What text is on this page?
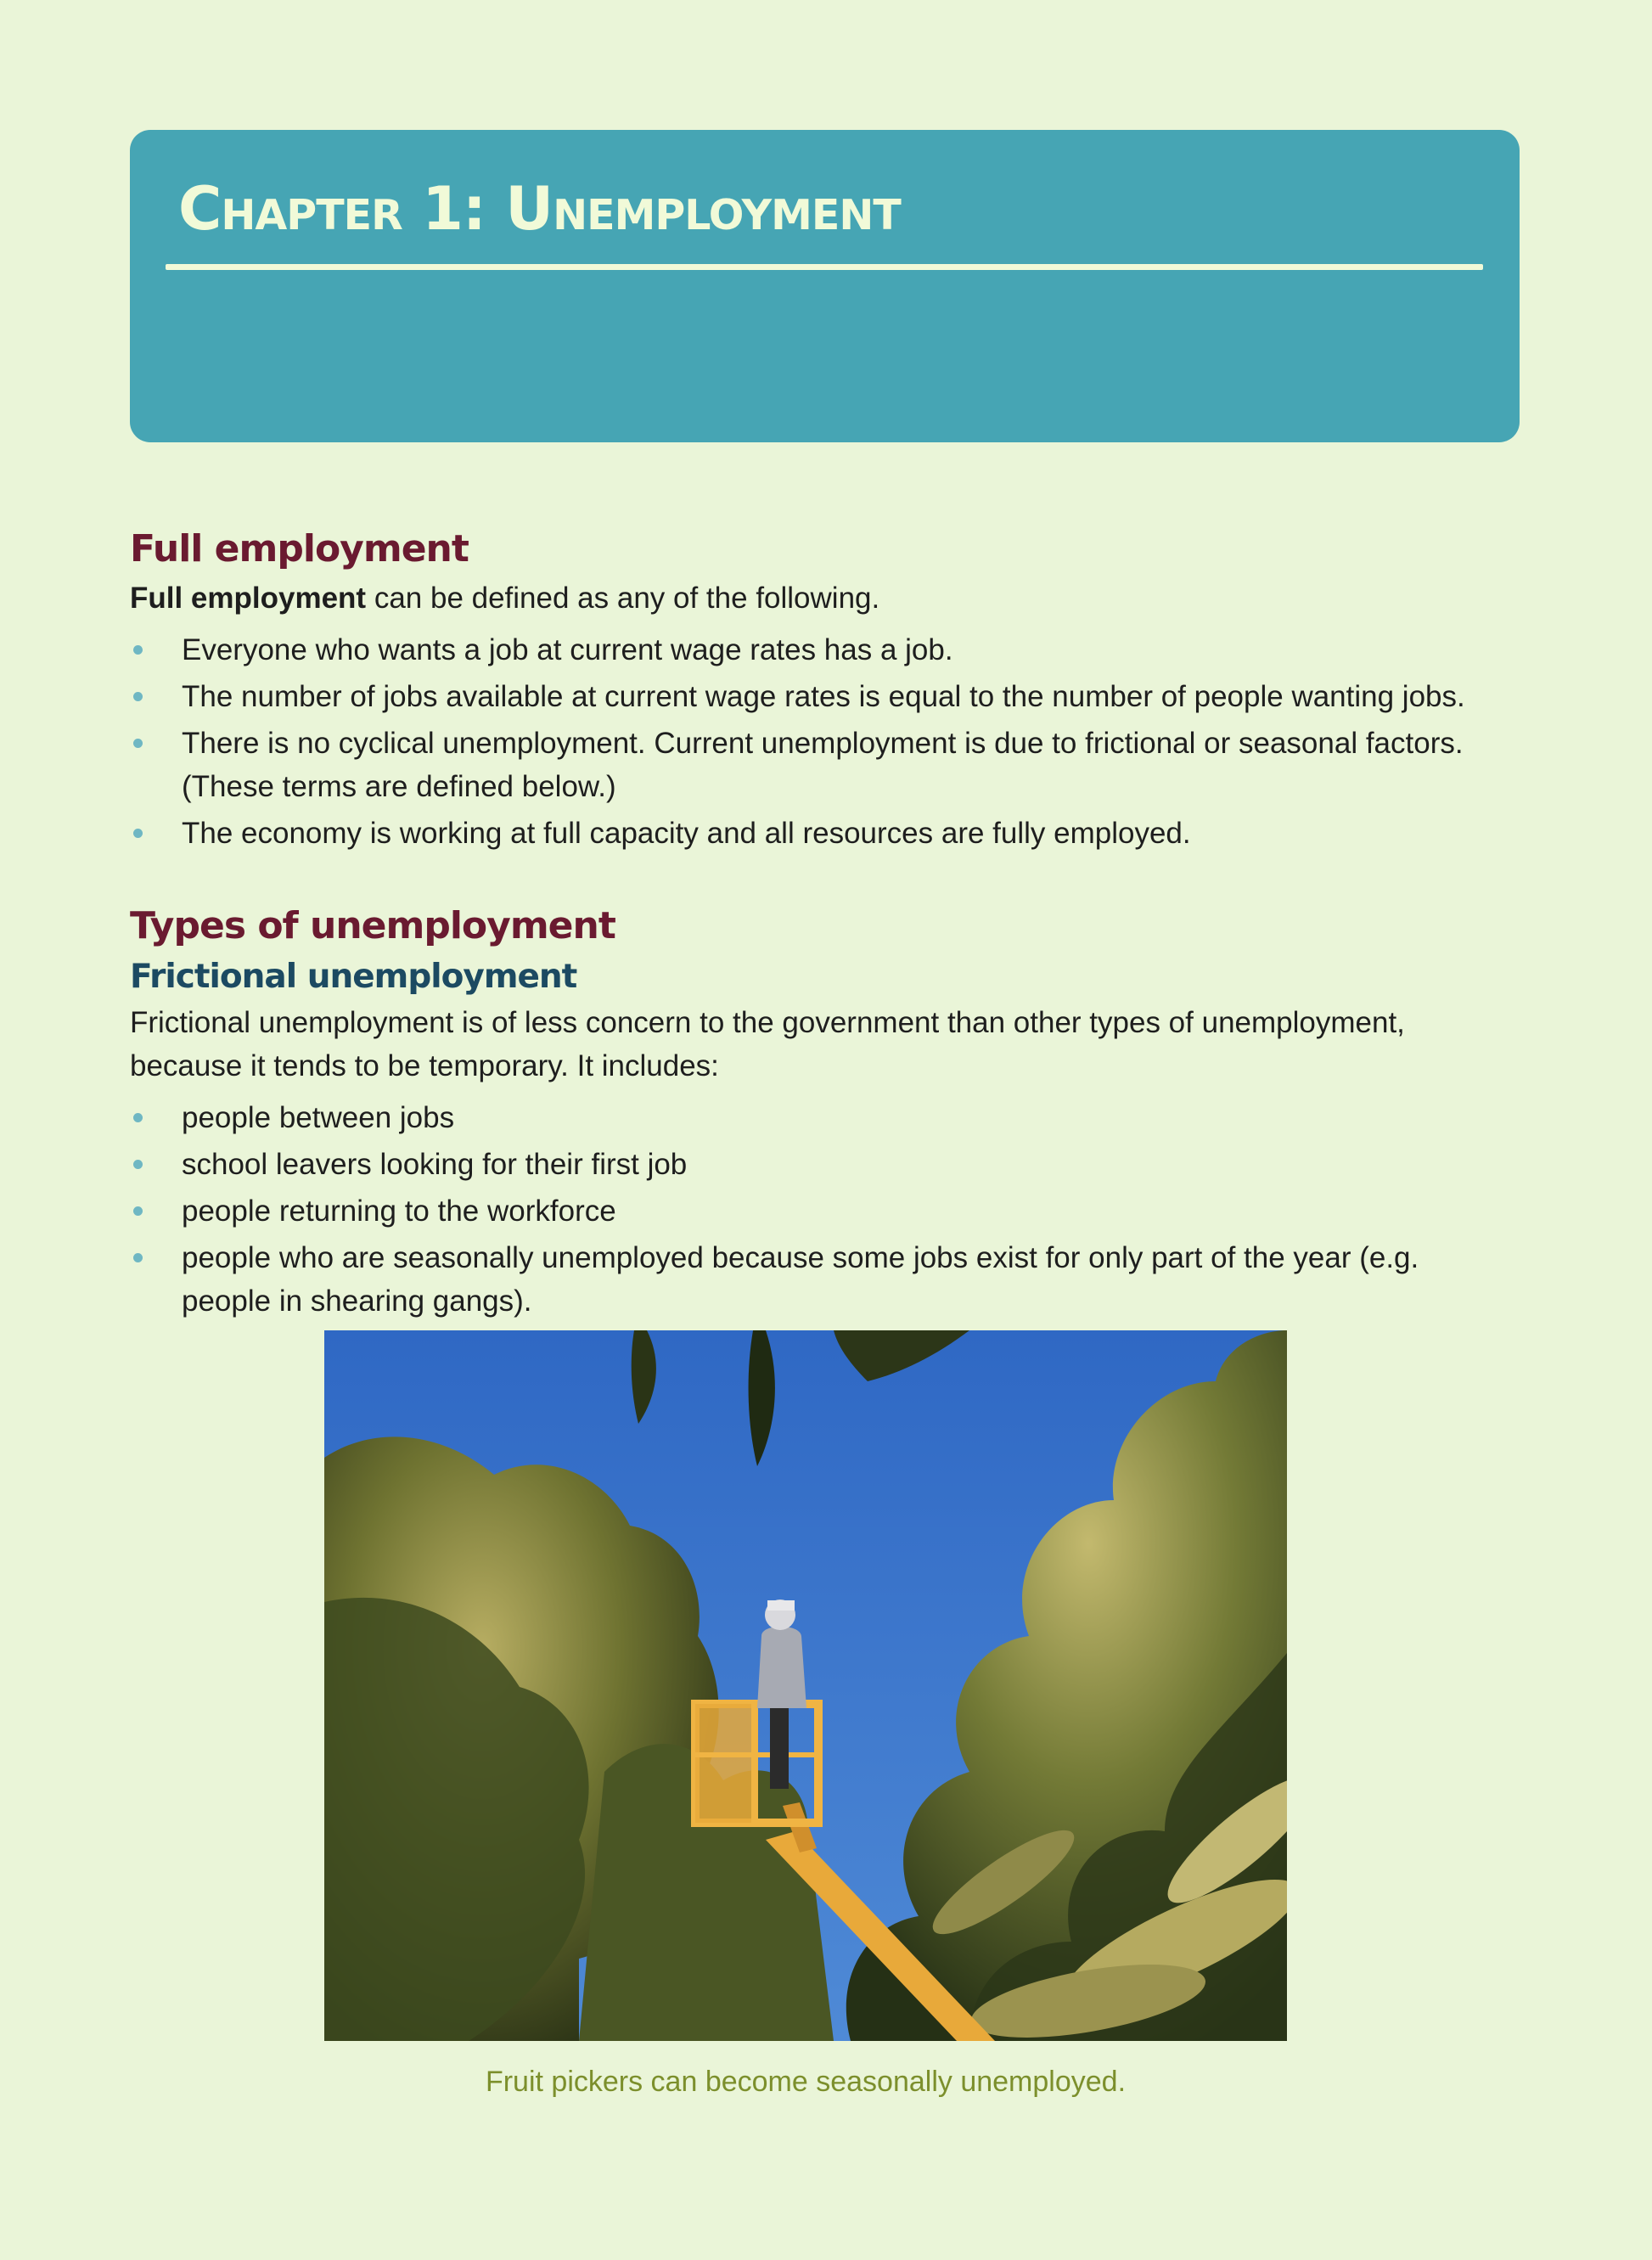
Chapter 1: Unemployment
Full employment

Full employment can be defined as any of the following.

Everyone who wants a job at current wage rates has a job.
The number of jobs available at current wage rates is equal to the number of people wanting jobs.
There is no cyclical unemployment. Current unemployment is due to frictional or seasonal factors. (These terms are defined below.)
The economy is working at full capacity and all resources are fully employed.
Types of unemployment
Frictional unemployment

Frictional unemployment is of less concern to the government than other types of unemployment, because it tends to be temporary. It includes:

people between jobs
school leavers looking for their first job
people returning to the workforce
people who are seasonally unemployed because some jobs exist for only part of the year (e.g. people in shearing gangs).
Fruit pickers can become seasonally unemployed.
